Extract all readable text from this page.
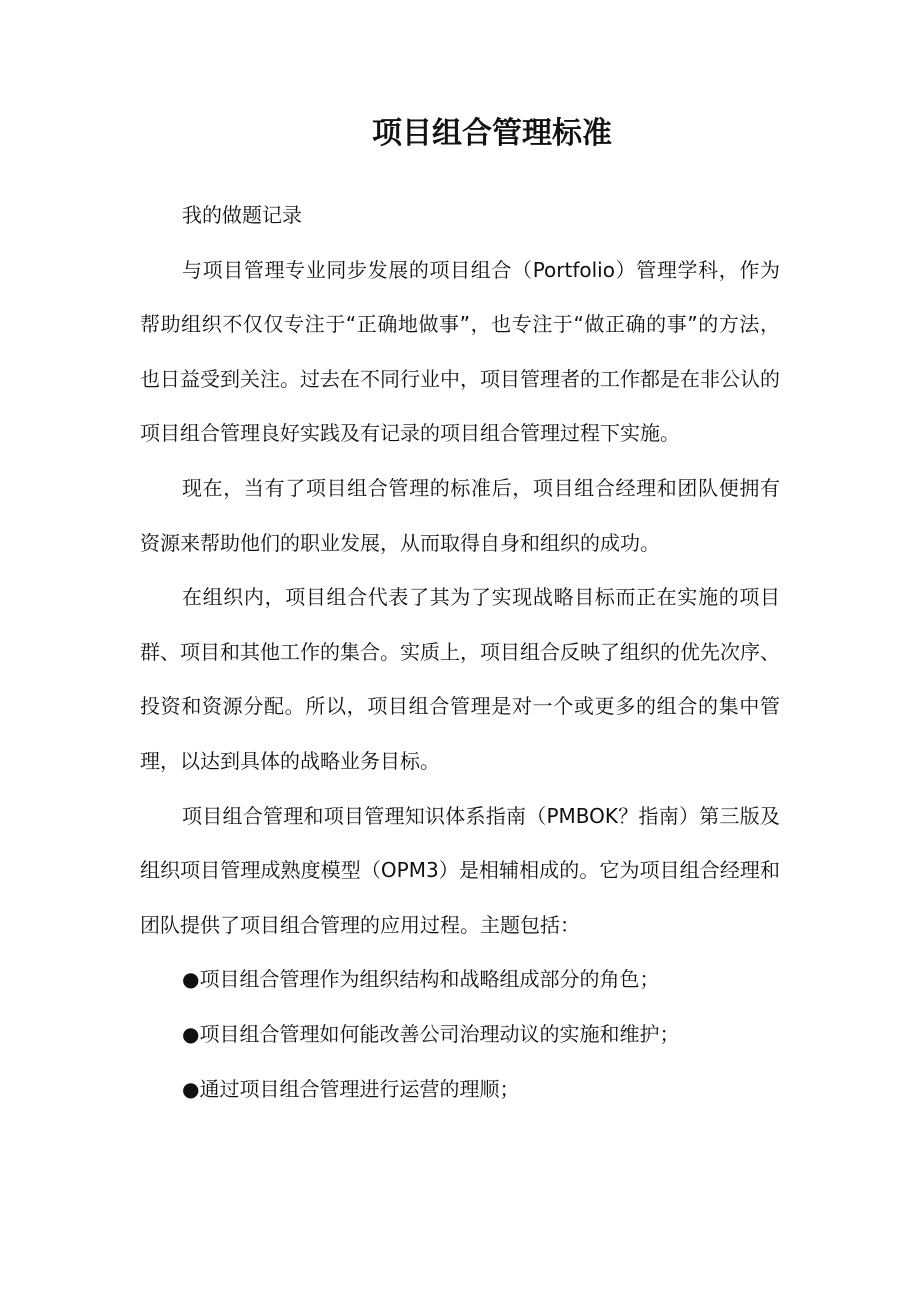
项目组合管理标准

我的做题记录

与项目管理专业同步发展的项目组合（Portfolio）管理学科，作为帮助组织不仅仅专注于“正确地做事”，也专注于“做正确的事”的方法，也日益受到关注。过去在不同行业中，项目管理者的工作都是在非公认的项目组合管理良好实践及有记录的项目组合管理过程下实施。

现在，当有了项目组合管理的标准后，项目组合经理和团队便拥有资源来帮助他们的职业发展，从而取得自身和组织的成功。

在组织内，项目组合代表了其为了实现战略目标而正在实施的项目群、项目和其他工作的集合。实质上，项目组合反映了组织的优先次序、投资和资源分配。所以，项目组合管理是对一个或更多的组合的集中管理，以达到具体的战略业务目标。

项目组合管理和项目管理知识体系指南（PMBOK？指南）第三版及组织项目管理成熟度模型（OPM3）是相辅相成的。它为项目组合经理和团队提供了项目组合管理的应用过程。主题包括：

●项目组合管理作为组织结构和战略组成部分的角色；

●项目组合管理如何能改善公司治理动议的实施和维护；

●通过项目组合管理进行运营的理顺；
